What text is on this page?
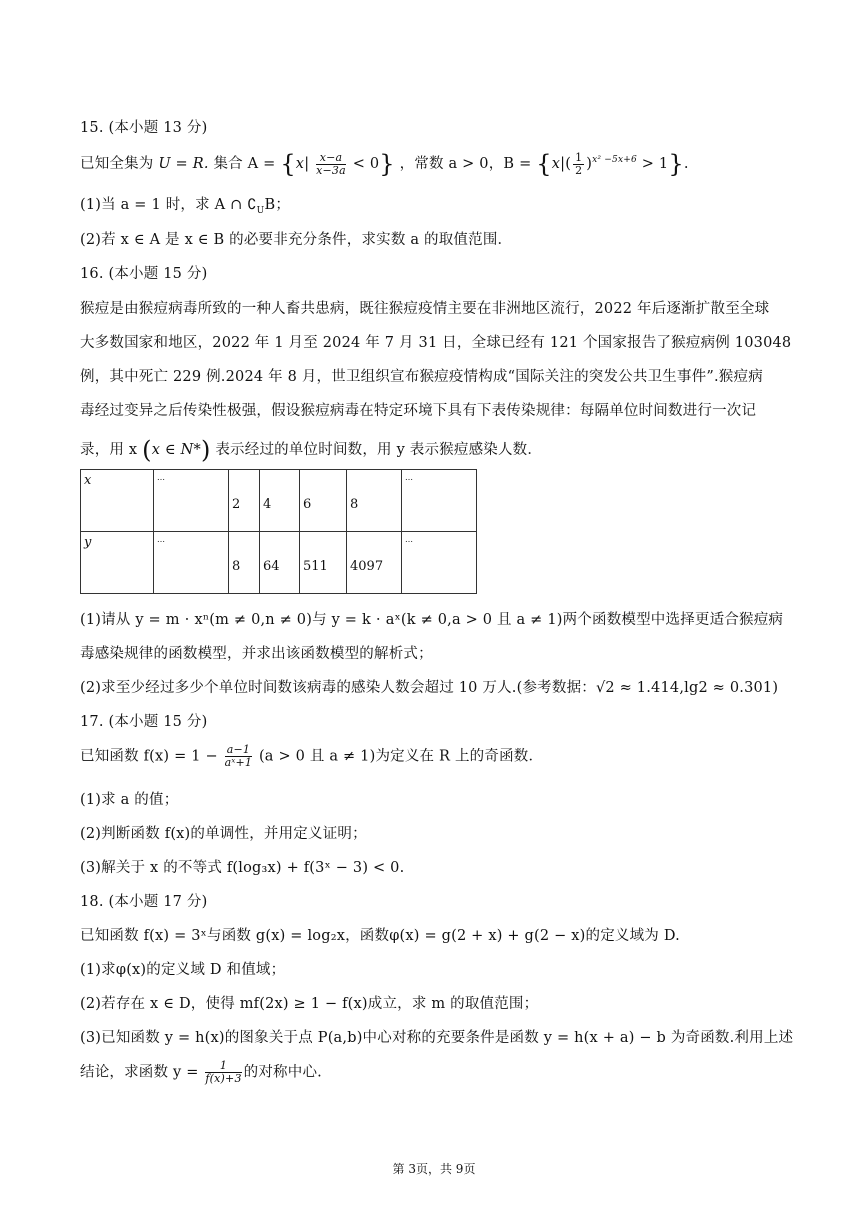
15. (本小题 13 分)
已知全集为 U = R. 集合 $A = \{x| \frac{x-a}{x-3a} < 0\}$ ，常数 a > 0，$B = \{x|( \frac{1}{2} )^{x^2 -5x+6} > 1\}$.
(1)当 a = 1 时，求 A ∩ $∁_UB$；
(2)若 x ∈ A 是 x ∈ B 的必要非充分条件，求实数 a 的取值范围．
16. (本小题 15 分)
猴痘是由猴痘病毒所致的一种人畜共患病，既往猴痘疫情主要在非洲地区流行，2022 年后逐渐扩散至全球
大多数国家和地区，2022 年 1 月至 2024 年 7 月 31 日，全球已经有 121 个国家报告了猴痘病例 103048
例，其中死亡 229 例.2024 年 8 月，世卫组织宣布猴痘疫情构成“国际关注的突发公共卫生事件”.猴痘病
毒经过变异之后传染性极强，假设猴痘病毒在特定环境下具有下表传染规律：每隔单位时间数进行一次记
录，用 x (x ∈ N*) 表示经过的单位时间数，用 y 表示猴痘感染人数．
x	…	2	4	6	8	…
y	…	8	64	511	4097	…
(1)请从 y = m ⋅ xⁿ(m ≠ 0,n ≠ 0)与 y = k ⋅ aˣ(k ≠ 0,a > 0 且 a ≠ 1)两个函数模型中选择更适合猴痘病
毒感染规律的函数模型，并求出该函数模型的解析式；
(2)求至少经过多少个单位时间数该病毒的感染人数会超过 10 万人.(参考数据：√2 ≈ 1.414,lg2 ≈ 0.301)
17. (本小题 15 分)
已知函数 $f(x) = 1 - \frac{a-1}{\text{aˣ+1}} (a > 0$ 且 a ≠ 1)为定义在 R 上的奇函数．
(1)求 a 的值；
(2)判断函数 f(x)的单调性，并用定义证明；
(3)解关于 x 的不等式 f(log₃x) + f(3ˣ − 3) < 0.
18. (本小题 17 分)
已知函数 f(x) = 3ˣ与函数 g(x) = log₂x，函数φ(x) = g(2 + x) + g(2 − x)的定义域为 D.
(1)求φ(x)的定义域 D 和值域；
(2)若存在 x ∈ D，使得 mf(2x) ≥ 1 − f(x)成立，求 m 的取值范围；
(3)已知函数 y = h(x)的图象关于点 P(a,b)中心对称的充要条件是函数 y = h(x + a) − b 为奇函数.利用上述
结论，求函数 $y = \frac{1}{f(x)+3}$ 的对称中心.
第 3页，共 9页
